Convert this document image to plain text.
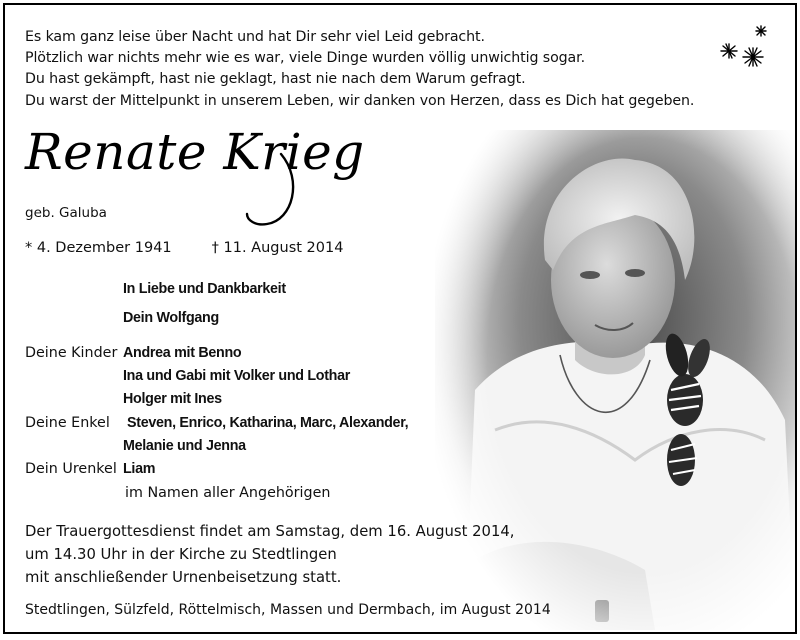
Es kam ganz leise über Nacht und hat Dir sehr viel Leid gebracht.
Plötzlich war nichts mehr wie es war, viele Dinge wurden völlig unwichtig sogar.
Du hast gekämpft, hast nie geklagt, hast nie nach dem Warum gefragt.
Du warst der Mittelpunkt in unserem Leben, wir danken von Herzen, dass es Dich hat gegeben.
Renate Krieg
geb. Galuba
* 4. Dezember 1941	† 11. August 2014
In Liebe und Dankbarkeit
Dein Wolfgang
Deine Kinder Andrea mit Benno
Ina und Gabi mit Volker und Lothar
Holger mit Ines
Deine Enkel Steven, Enrico, Katharina, Marc, Alexander,
Melanie und Jenna
Dein Urenkel Liam
im Namen aller Angehörigen
Der Trauergottesdienst findet am Samstag, dem 16. August 2014,
um 14.30 Uhr in der Kirche zu Stedtlingen
mit anschließender Urnenbeisetzung statt.
Stedtlingen, Sülzfeld, Röttelmisch, Massen und Dermbach, im August 2014
